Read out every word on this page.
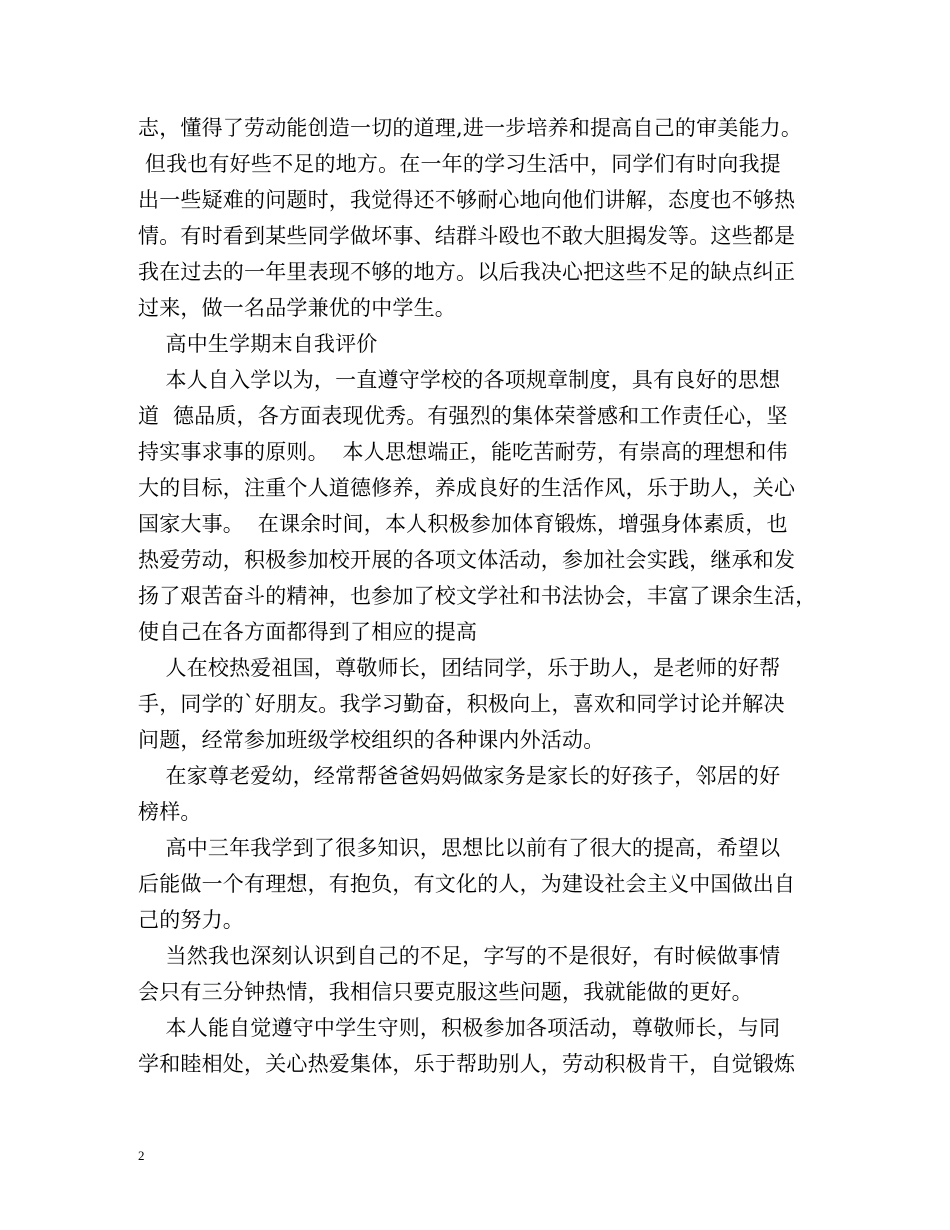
志，懂得了劳动能创造一切的道理,进一步培养和提高自己的审美能力。
但我也有好些不足的地方。在一年的学习生活中，同学们有时向我提
出一些疑难的问题时，我觉得还不够耐心地向他们讲解，态度也不够热
情。有时看到某些同学做坏事、结群斗殴也不敢大胆揭发等。这些都是
我在过去的一年里表现不够的地方。以后我决心把这些不足的缺点纠正
过来，做一名品学兼优的中学生。
高中生学期末自我评价
本人自入学以为，一直遵守学校的各项规章制度，具有良好的思想
道  德品质，各方面表现优秀。有强烈的集体荣誉感和工作责任心，坚
持实事求事的原则。  本人思想端正，能吃苦耐劳，有崇高的理想和伟
大的目标，注重个人道德修养，养成良好的生活作风，乐于助人，关心
国家大事。  在课余时间，本人积极参加体育锻炼，增强身体素质，也
热爱劳动，积极参加校开展的各项文体活动，参加社会实践，继承和发
扬了艰苦奋斗的精神，也参加了校文学社和书法协会，丰富了课余生活，
使自己在各方面都得到了相应的提高
人在校热爱祖国，尊敬师长，团结同学，乐于助人，是老师的好帮
手，同学的`好朋友。我学习勤奋，积极向上，喜欢和同学讨论并解决
问题，经常参加班级学校组织的各种课内外活动。
在家尊老爱幼，经常帮爸爸妈妈做家务是家长的好孩子，邻居的好
榜样。
高中三年我学到了很多知识，思想比以前有了很大的提高，希望以
后能做一个有理想，有抱负，有文化的人，为建设社会主义中国做出自
己的努力。
当然我也深刻认识到自己的不足，字写的不是很好，有时候做事情
会只有三分钟热情，我相信只要克服这些问题，我就能做的更好。
本人能自觉遵守中学生守则，积极参加各项活动，尊敬师长，与同
学和睦相处，关心热爱集体，乐于帮助别人，劳动积极肯干，自觉锻炼
2
